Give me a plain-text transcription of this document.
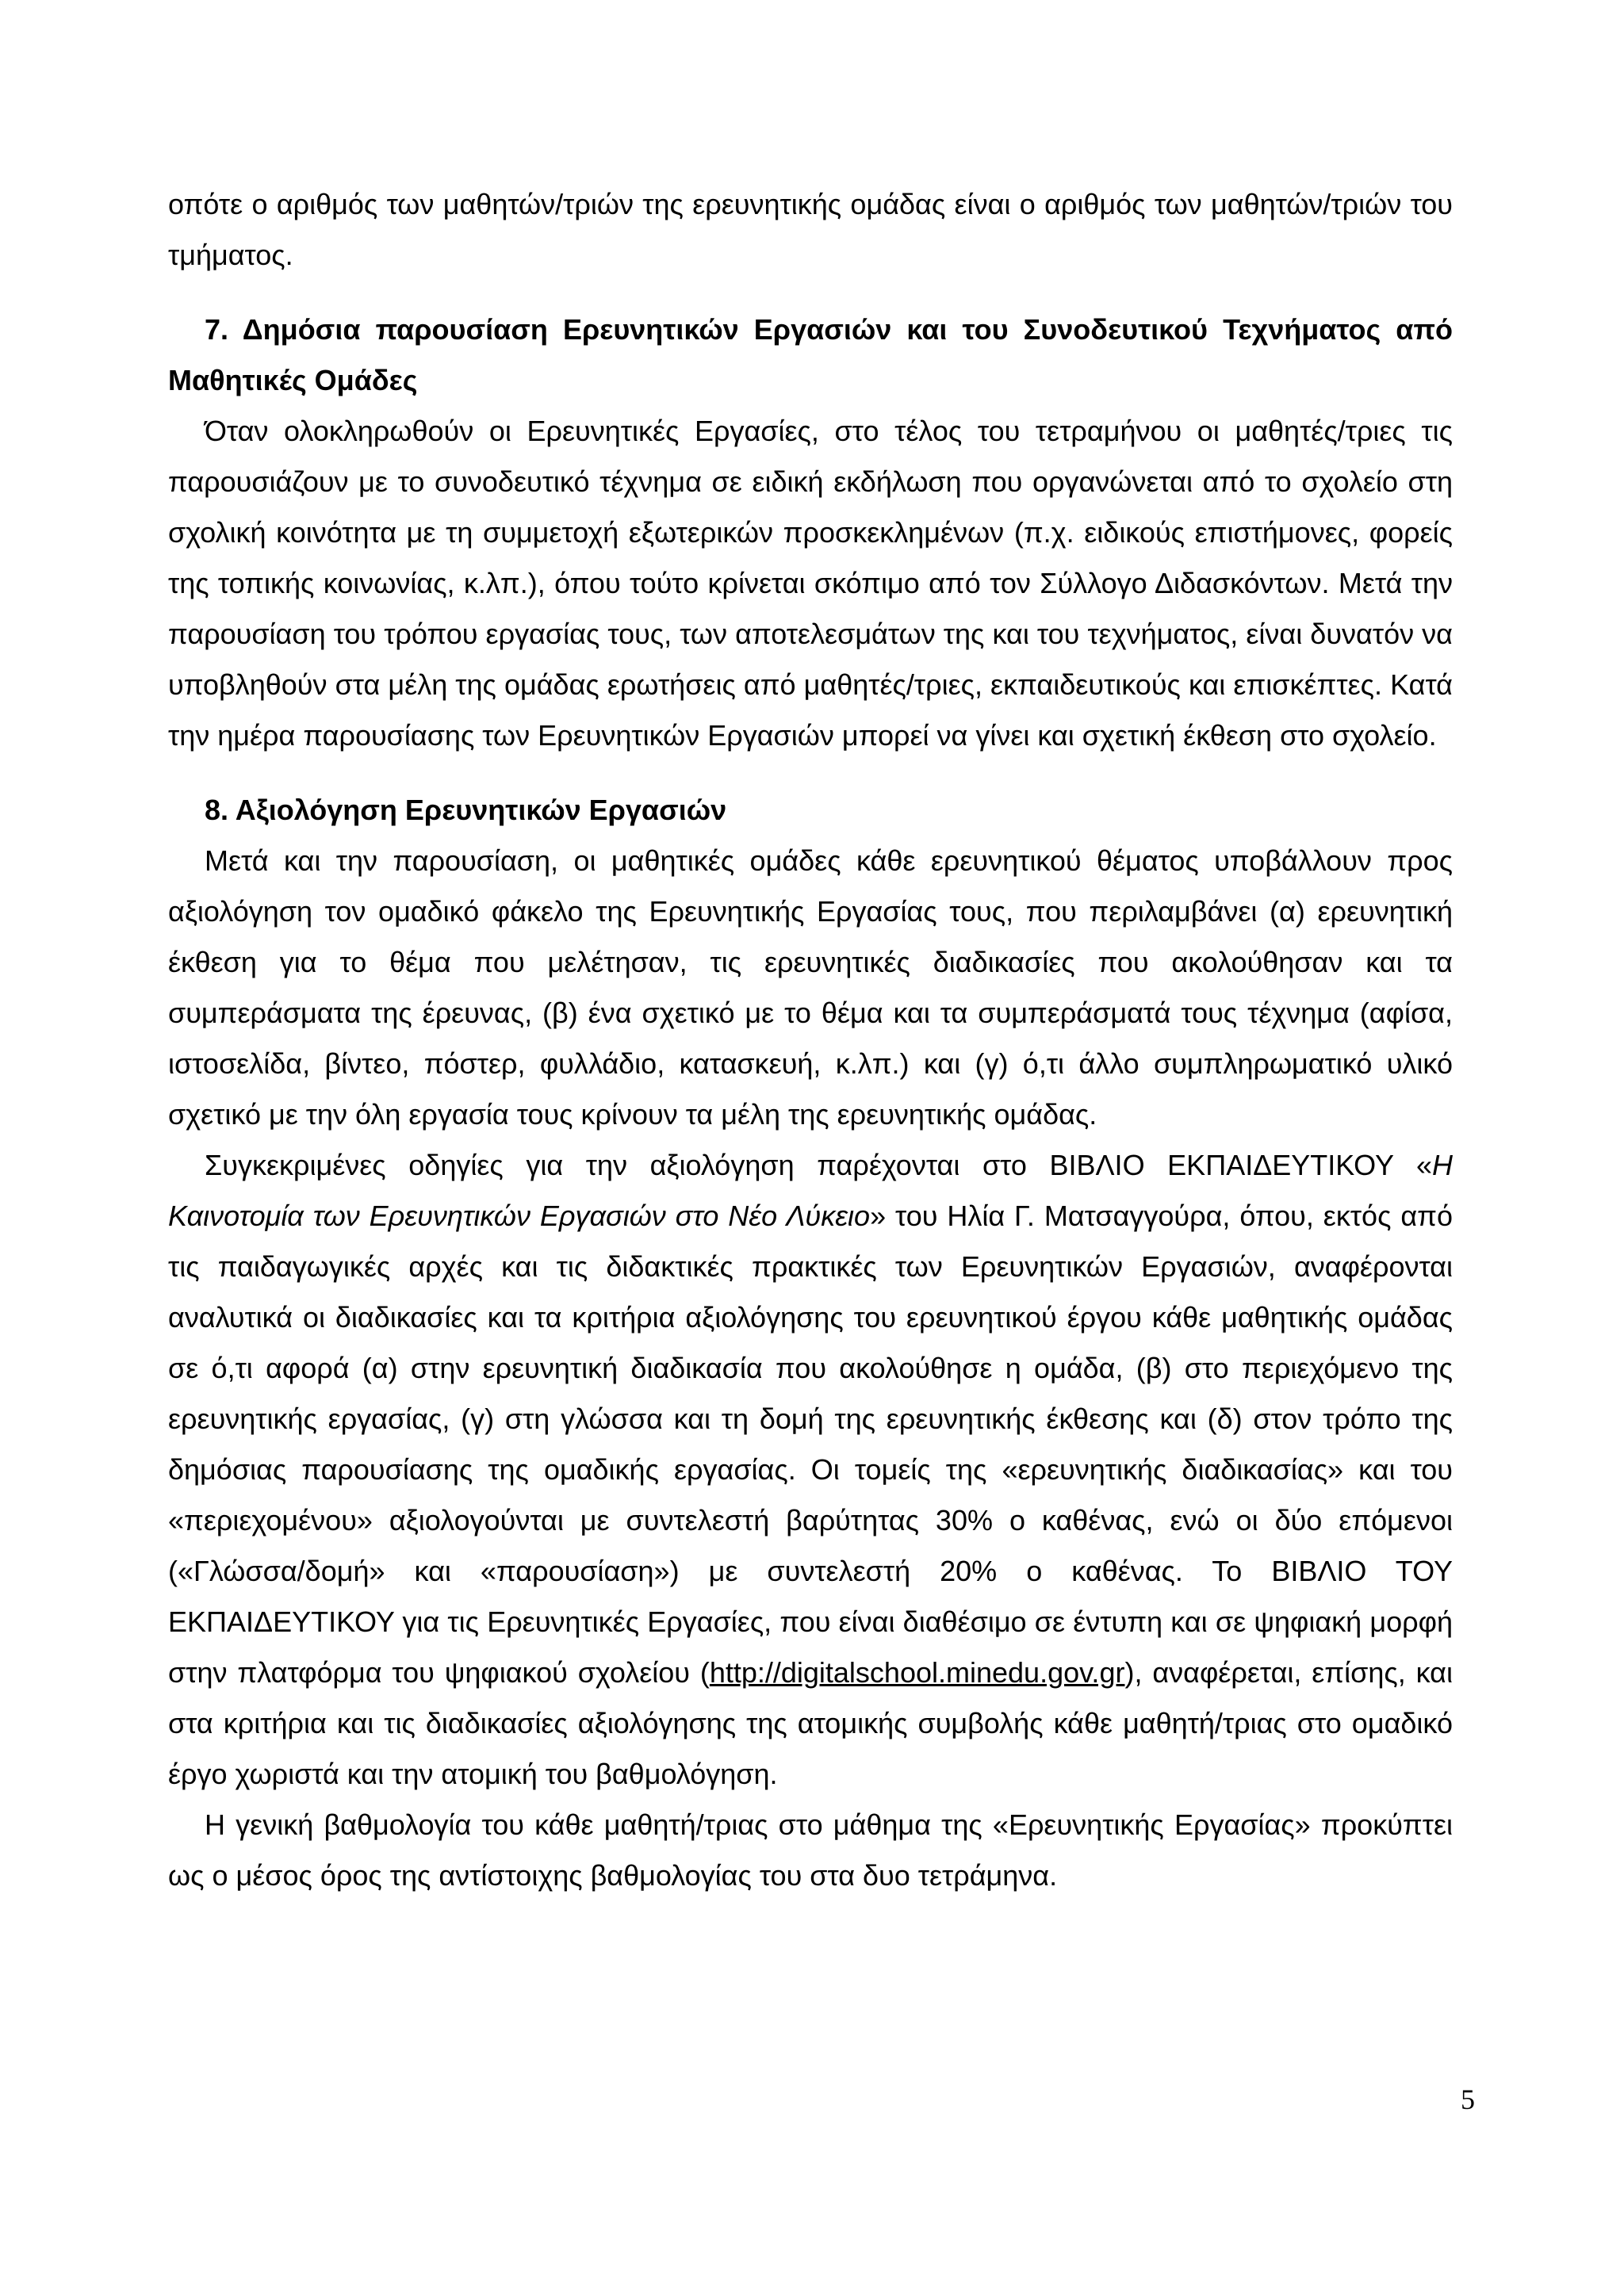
οπότε ο αριθμός των μαθητών/τριών της ερευνητικής ομάδας είναι ο αριθμός των μαθητών/τριών του τμήματος.

7. Δημόσια παρουσίαση Ερευνητικών Εργασιών και του Συνοδευτικού Τεχνήματος από Μαθητικές Ομάδες

Όταν ολοκληρωθούν οι Ερευνητικές Εργασίες, στο τέλος του τετραμήνου οι μαθητές/τριες τις παρουσιάζουν με το συνοδευτικό τέχνημα σε ειδική εκδήλωση που οργανώνεται από το σχολείο στη σχολική κοινότητα με τη συμμετοχή εξωτερικών προσκεκλημένων (π.χ. ειδικούς επιστήμονες, φορείς της τοπικής κοινωνίας, κ.λπ.), όπου τούτο κρίνεται σκόπιμο από τον Σύλλογο Διδασκόντων. Μετά την παρουσίαση του τρόπου εργασίας τους, των αποτελεσμάτων της και του τεχνήματος, είναι δυνατόν να υποβληθούν στα μέλη της ομάδας ερωτήσεις από μαθητές/τριες, εκπαιδευτικούς και επισκέπτες. Κατά την ημέρα παρουσίασης των Ερευνητικών Εργασιών μπορεί να γίνει και σχετική έκθεση στο σχολείο.

8. Αξιολόγηση Ερευνητικών Εργασιών

Μετά και την παρουσίαση, οι μαθητικές ομάδες κάθε ερευνητικού θέματος υποβάλλουν προς αξιολόγηση τον ομαδικό φάκελο της Ερευνητικής Εργασίας τους, που περιλαμβάνει (α) ερευνητική έκθεση για το θέμα που μελέτησαν, τις ερευνητικές διαδικασίες που ακολούθησαν και τα συμπεράσματα της έρευνας, (β) ένα σχετικό με το θέμα και τα συμπεράσματά τους τέχνημα (αφίσα, ιστοσελίδα, βίντεο, πόστερ, φυλλάδιο, κατασκευή, κ.λπ.) και (γ) ό,τι άλλο συμπληρωματικό υλικό σχετικό με την όλη εργασία τους κρίνουν τα μέλη της ερευνητικής ομάδας.

Συγκεκριμένες οδηγίες για την αξιολόγηση παρέχονται στο ΒΙΒΛΙΟ ΕΚΠΑΙΔΕΥΤΙΚΟΥ «Η Καινοτομία των Ερευνητικών Εργασιών στο Νέο Λύκειο» του Ηλία Γ. Ματσαγγούρα, όπου, εκτός από τις παιδαγωγικές αρχές και τις διδακτικές πρακτικές των Ερευνητικών Εργασιών, αναφέρονται αναλυτικά οι διαδικασίες και τα κριτήρια αξιολόγησης του ερευνητικού έργου κάθε μαθητικής ομάδας σε ό,τι αφορά (α) στην ερευνητική διαδικασία που ακολούθησε η ομάδα, (β) στο περιεχόμενο της ερευνητικής εργασίας, (γ) στη γλώσσα και τη δομή της ερευνητικής έκθεσης και (δ) στον τρόπο της δημόσιας παρουσίασης της ομαδικής εργασίας. Οι τομείς της «ερευνητικής διαδικασίας» και του «περιεχομένου» αξιολογούνται με συντελεστή βαρύτητας 30% ο καθένας, ενώ οι δύο επόμενοι («Γλώσσα/δομή» και «παρουσίαση») με συντελεστή 20% ο καθένας. Το ΒΙΒΛΙΟ ΤΟΥ ΕΚΠΑΙΔΕΥΤΙΚΟΥ για τις Ερευνητικές Εργασίες, που είναι διαθέσιμο σε έντυπη και σε ψηφιακή μορφή στην πλατφόρμα του ψηφιακού σχολείου (http://digitalschool.minedu.gov.gr), αναφέρεται, επίσης, και στα κριτήρια και τις διαδικασίες αξιολόγησης της ατομικής συμβολής κάθε μαθητή/τριας στο ομαδικό έργο χωριστά και την ατομική του βαθμολόγηση.

Η γενική βαθμολογία του κάθε μαθητή/τριας στο μάθημα της «Ερευνητικής Εργασίας» προκύπτει ως ο μέσος όρος της αντίστοιχης βαθμολογίας του στα δυο τετράμηνα.

5
